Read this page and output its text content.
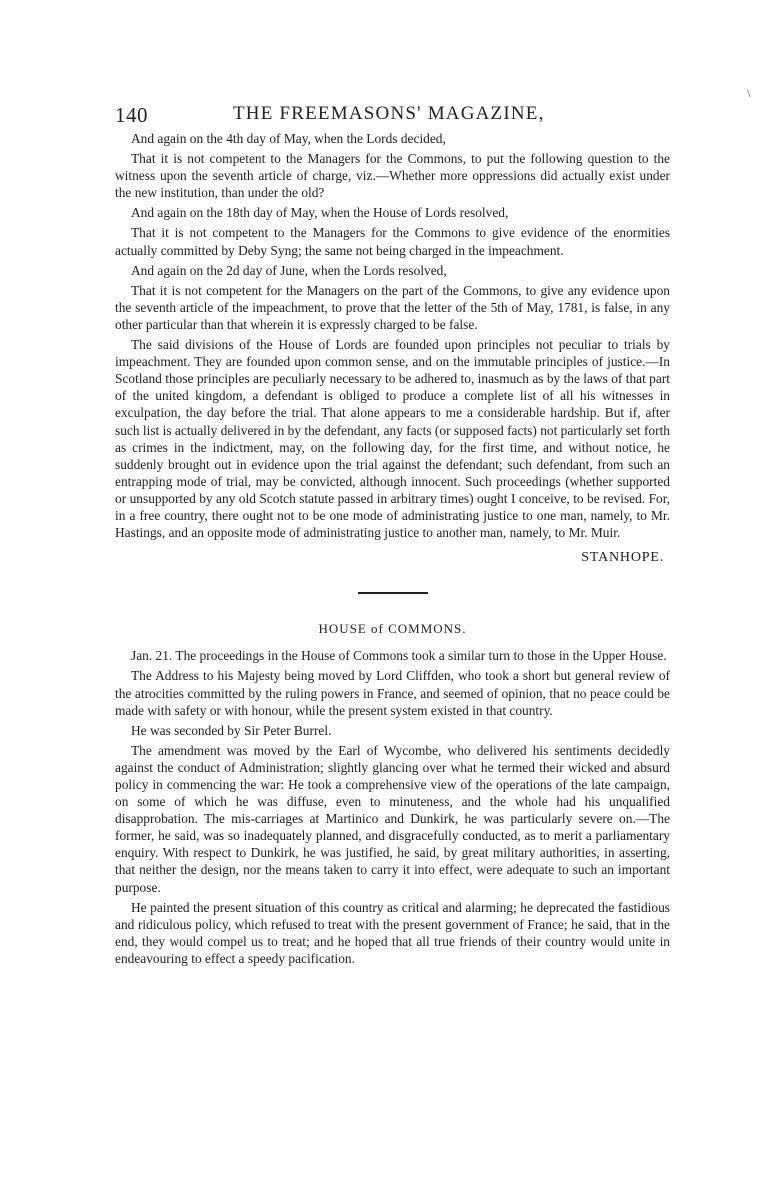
\
140	THE FREEMASONS' MAGAZINE,

And again on the 4th day of May, when the Lords decided,

That it is not competent to the Managers for the Commons, to put the following question to the witness upon the seventh article of charge, viz.—Whether more oppressions did actually exist under the new institution, than under the old?

And again on the 18th day of May, when the House of Lords resolved,

That it is not competent to the Managers for the Commons to give evidence of the enormities actually committed by Deby Syng; the same not being charged in the impeachment.

And again on the 2d day of June, when the Lords resolved,

That it is not competent for the Managers on the part of the Commons, to give any evidence upon the seventh article of the impeachment, to prove that the letter of the 5th of May, 1781, is false, in any other particular than that wherein it is expressly charged to be false.

The said divisions of the House of Lords are founded upon principles not peculiar to trials by impeachment. They are founded upon common sense, and on the immutable principles of justice.—In Scotland those principles are peculiarly necessary to be adhered to, inasmuch as by the laws of that part of the united kingdom, a defendant is obliged to produce a complete list of all his witnesses in exculpation, the day before the trial. That alone appears to me a considerable hardship. But if, after such list is actually delivered in by the defendant, any facts (or supposed facts) not particularly set forth as crimes in the indictment, may, on the following day, for the first time, and without notice, he suddenly brought out in evidence upon the trial against the defendant; such defendant, from such an entrapping mode of trial, may be convicted, although innocent. Such proceedings (whether supported or unsupported by any old Scotch statute passed in arbitrary times) ought I conceive, to be revised. For, in a free country, there ought not to be one mode of administrating justice to one man, namely, to Mr. Hastings, and an opposite mode of administrating justice to another man, namely, to Mr. Muir.

STANHOPE.

HOUSE of COMMONS.

Jan. 21. The proceedings in the House of Commons took a similar turn to those in the Upper House.

The Address to his Majesty being moved by Lord Cliffden, who took a short but general review of the atrocities committed by the ruling powers in France, and seemed of opinion, that no peace could be made with safety or with honour, while the present system existed in that country.

He was seconded by Sir Peter Burrel.

The amendment was moved by the Earl of Wycombe, who delivered his sentiments decidedly against the conduct of Administration; slightly glancing over what he termed their wicked and absurd policy in commencing the war: He took a comprehensive view of the operations of the late campaign, on some of which he was diffuse, even to minuteness, and the whole had his unqualified disapprobation. The mis-carriages at Martinico and Dunkirk, he was particularly severe on.—The former, he said, was so inadequately planned, and disgracefully conducted, as to merit a parliamentary enquiry. With respect to Dunkirk, he was justified, he said, by great military authorities, in asserting, that neither the design, nor the means taken to carry it into effect, were adequate to such an important purpose.

He painted the present situation of this country as critical and alarming; he deprecated the fastidious and ridiculous policy, which refused to treat with the present government of France; he said, that in the end, they would compel us to treat; and he hoped that all true friends of their country would unite in endeavouring to effect a speedy pacification.
